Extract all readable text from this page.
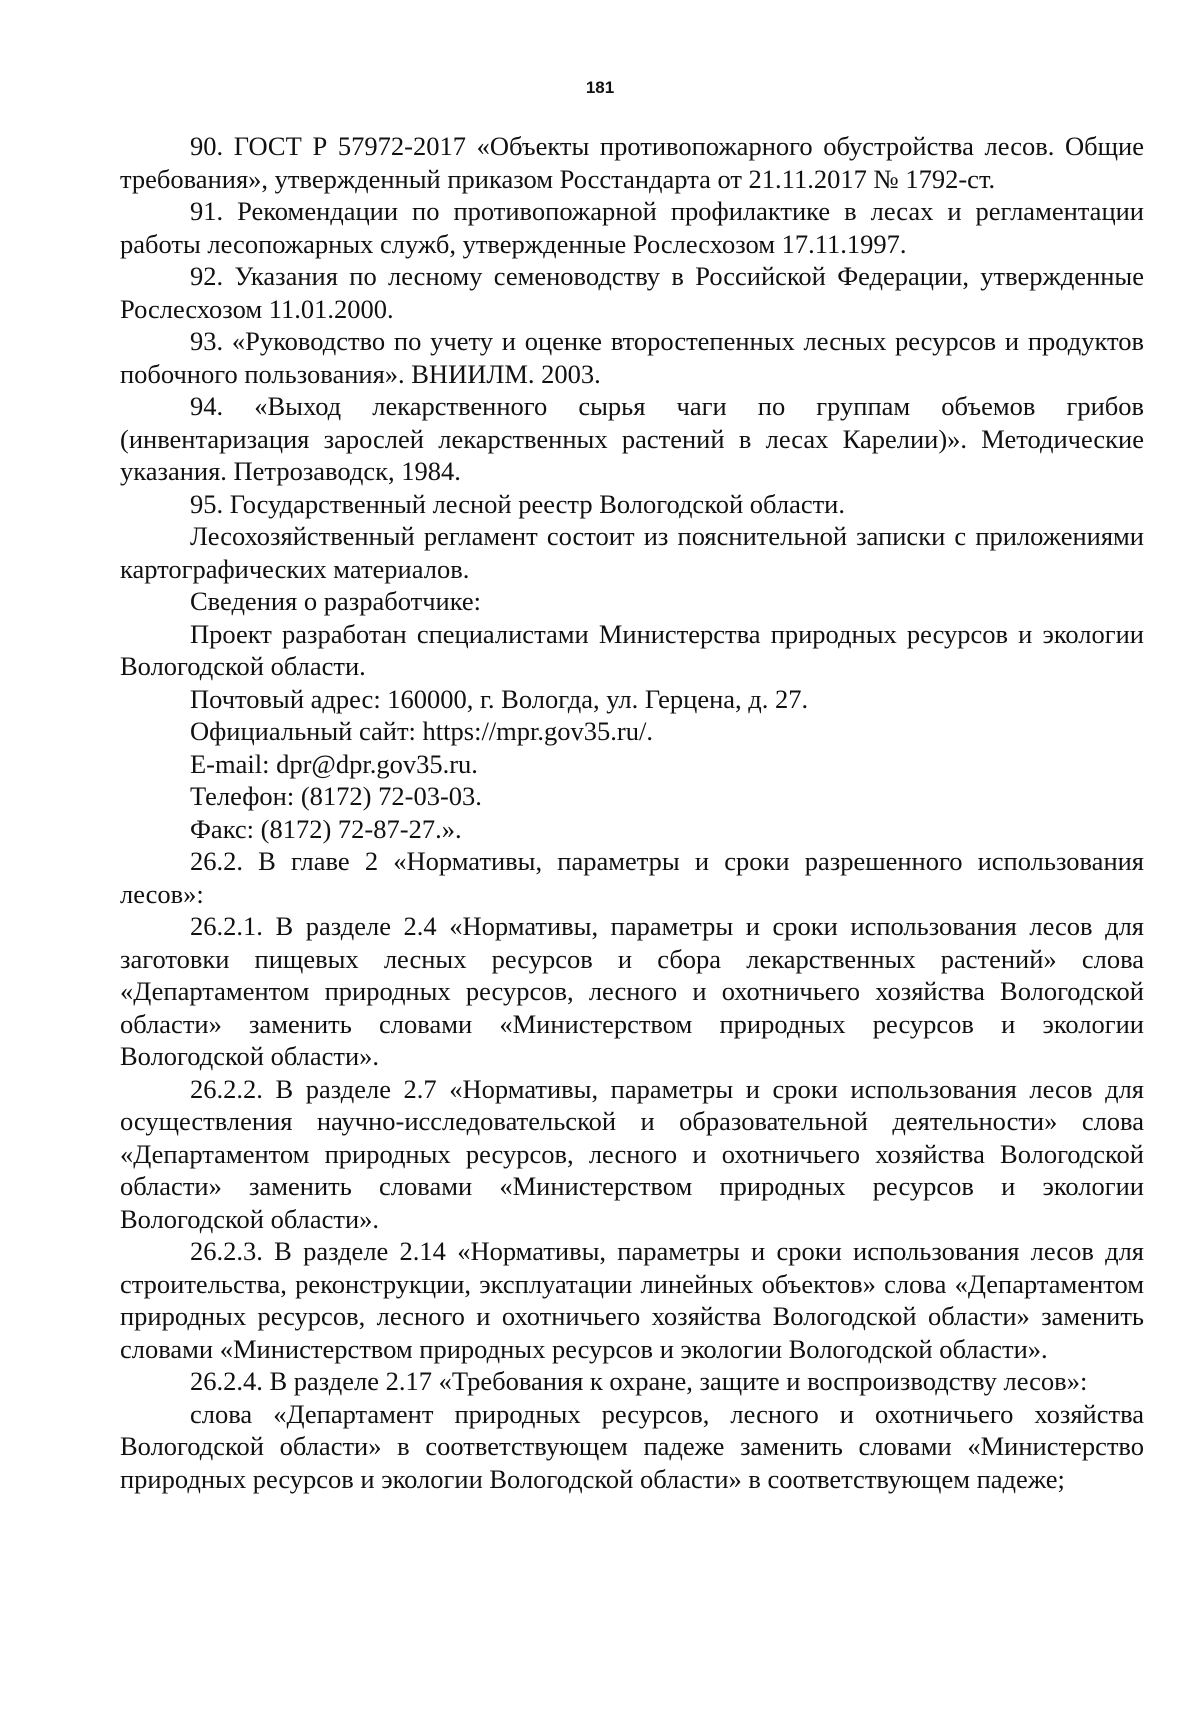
181

90. ГОСТ Р 57972-2017 «Объекты противопожарного обустройства лесов. Общие требования», утвержденный приказом Росстандарта от 21.11.2017 № 1792-ст.

91. Рекомендации по противопожарной профилактике в лесах и регламентации работы лесопожарных служб, утвержденные Рослесхозом 17.11.1997.

92. Указания по лесному семеноводству в Российской Федерации, утвержденные Рослесхозом 11.01.2000.

93. «Руководство по учету и оценке второстепенных лесных ресурсов и продуктов побочного пользования». ВНИИЛМ. 2003.

94. «Выход лекарственного сырья чаги по группам объемов грибов (инвентаризация зарослей лекарственных растений в лесах Карелии)». Методические указания. Петрозаводск, 1984.

95. Государственный лесной реестр Вологодской области.

Лесохозяйственный регламент состоит из пояснительной записки с приложениями картографических материалов.

Сведения о разработчике:

Проект разработан специалистами Министерства природных ресурсов и экологии Вологодской области.

Почтовый адрес: 160000, г. Вологда, ул. Герцена, д. 27.

Официальный сайт: https://mpr.gov35.ru/.

E-mail: dpr@dpr.gov35.ru.

Телефон: (8172) 72-03-03.

Факс: (8172) 72-87-27.».

26.2. В главе 2 «Нормативы, параметры и сроки разрешенного использования лесов»:

26.2.1. В разделе 2.4 «Нормативы, параметры и сроки использования лесов для заготовки пищевых лесных ресурсов и сбора лекарственных растений» слова «Департаментом природных ресурсов, лесного и охотничьего хозяйства Вологодской области» заменить словами «Министерством природных ресурсов и экологии Вологодской области».

26.2.2. В разделе 2.7 «Нормативы, параметры и сроки использования лесов для осуществления научно-исследовательской и образовательной деятельности» слова «Департаментом природных ресурсов, лесного и охотничьего хозяйства Вологодской области» заменить словами «Министерством природных ресурсов и экологии Вологодской области».

26.2.3. В разделе 2.14 «Нормативы, параметры и сроки использования лесов для строительства, реконструкции, эксплуатации линейных объектов» слова «Департаментом природных ресурсов, лесного и охотничьего хозяйства Вологодской области» заменить словами «Министерством природных ресурсов и экологии Вологодской области».

26.2.4. В разделе 2.17 «Требования к охране, защите и воспроизводству лесов»:

слова «Департамент природных ресурсов, лесного и охотничьего хозяйства Вологодской области» в соответствующем падеже заменить словами «Министерство природных ресурсов и экологии Вологодской области» в соответствующем падеже;
